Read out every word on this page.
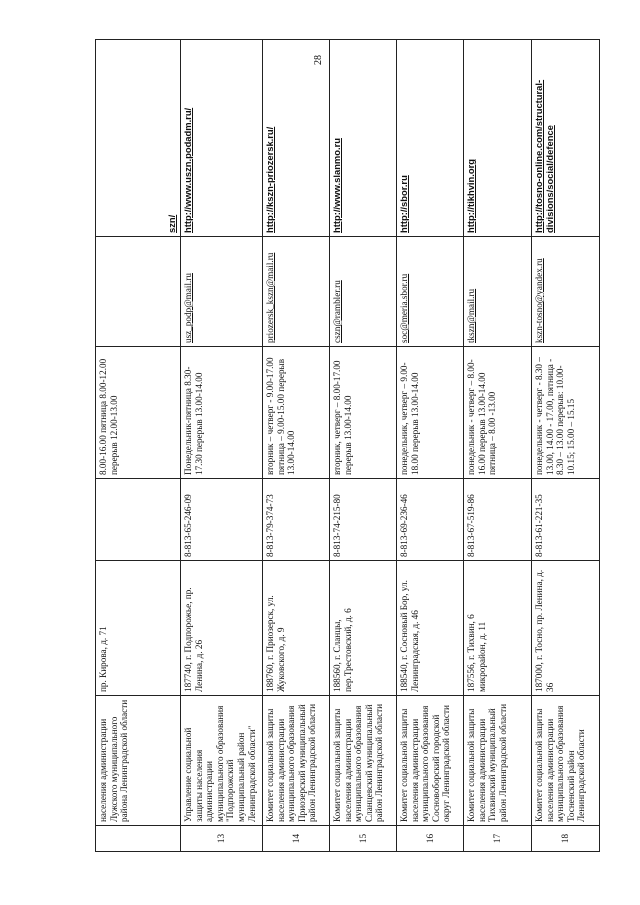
28
	населения администрации Лужского муниципального района Ленинградской области	пр. Кирова, д. 71		8.00-16.00 пятница 8.00-12.00 перерыв 12.00-13.00		szn/
13	Управление социальной защиты населения администрации муниципального образования "Подпорожский муниципальный район Ленинградской области"	187740, г. Подпорожье, пр. Ленина, д. 26	8-813-65-246-09	Понедельник-пятница 8.30-17.30 перерыв 13.00-14.00	usz_podp@mail.ru	http://www.uszn.podadm.ru/
14	Комитет социальной защиты населения администрации муниципального образования Приозерский муниципальный район Ленинградской области	188760, г. Приозерск, ул. Жуковского, д. 9	8-813-79-374-73	вторник – четверг - 9.00-17.00 пятница – 9.00-15.00 перерыв 13.00-14.00	priozersk_kszn@mail.ru	http://kszn-priozersk.ru/
15	Комитет социальной защиты населения администрации муниципального образования Сланцевский муниципальный район Ленинградской области	188560, г. Сланцы, пер.Трестовский, д. 6	8-813-74-215-80	вторник, четверг – 8.00-17.00 перерыв 13.00-14.00	cszn@rambler.ru	http://www.slanmo.ru
16	Комитет социальной защиты населения администрации муниципального образования Сосновоборский городской округ Ленинградской области	188540, г. Сосновый Бор, ул. Ленинградская, д. 46	8-813-69-236-46	понедельник, четверг – 9.00-18.00 перерыв 13.00-14.00	soc@meria.sbor.ru	http://sbor.ru
17	Комитет социальной защиты населения администрации Тихвинский муниципальный район Ленинградской области	187556, г. Тихвин, 6 микрорайон, д. 11	8-813-67-519-86	понедельник - четверг – 8.00-16.00 перерыв 13.00-14.00 пятница – 8.00 -13.00	tkszn@mail.ru	http://tikhvin.org
18	Комитет социальной защиты населения администрации муниципального образования Тосненский район Ленинградской области	187000, г. Тосно, пр. Ленина, д. 36	8-813-61-221-35	понедельник - четверг - 8.30 – 13.00, 14.00 - 17.00, пятница - 8.30 – 13.00 перерыв: 10.00-10.15; 15.00 – 15.15	kszn-tosno@yandex.ru	http://tosno-online.com/structural-divisions/social/defence
